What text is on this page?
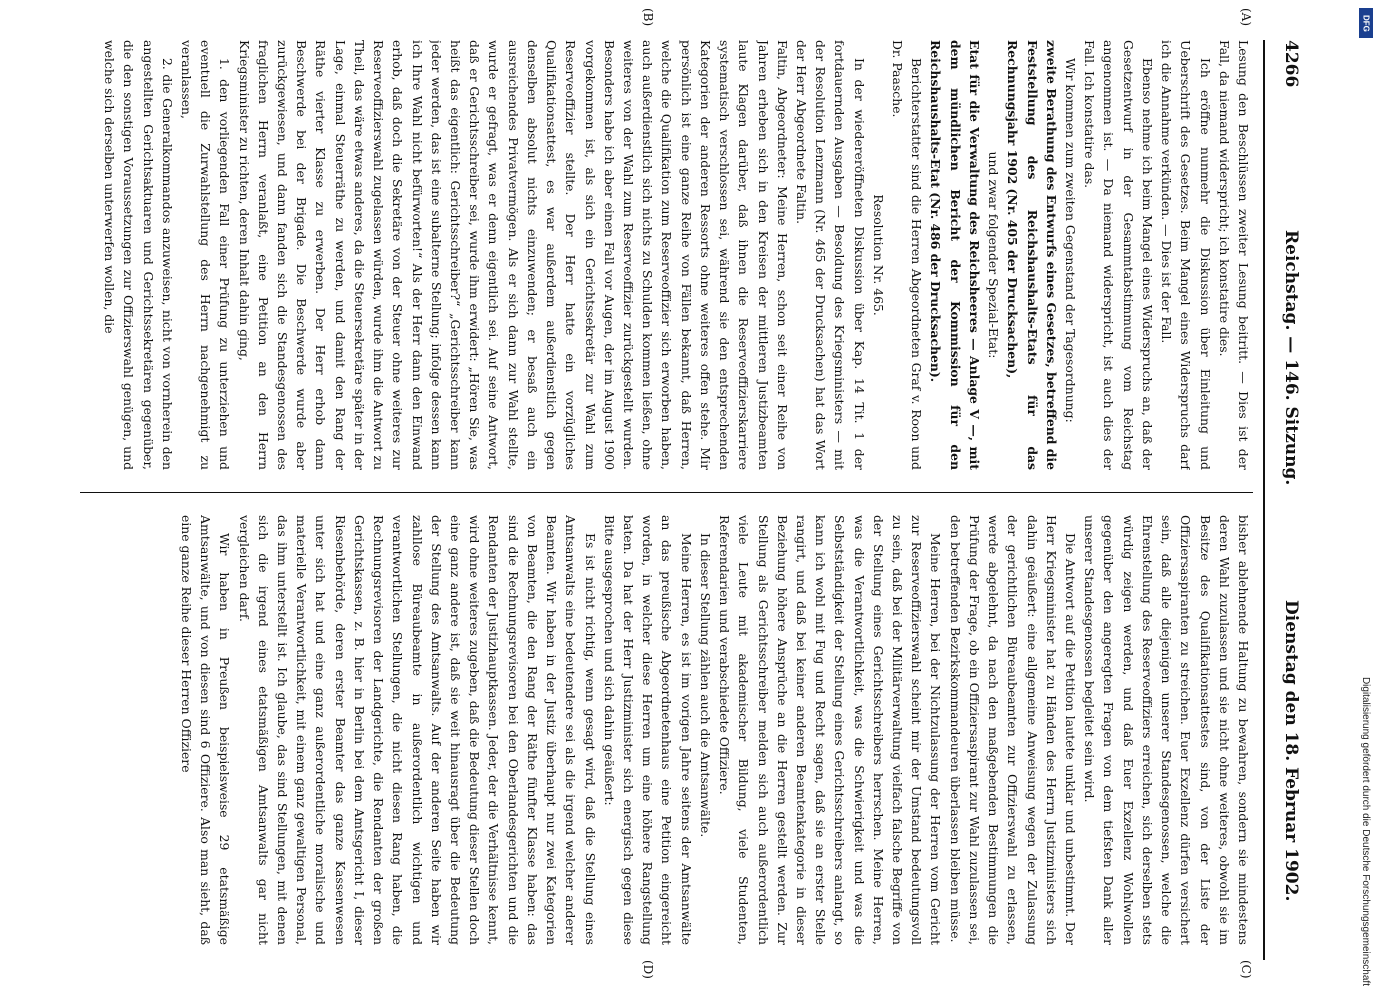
4266
Reichstag. — 146. Sitzung.
Dienstag den 18. Februar 1902.
(A)
(B)
(C)
(D)

Lesung den Beschlüssen zweiter Lesung beitritt. — Dies ist der Fall, da niemand widerspricht; ich konstatire dies.

Ich eröffne nunmehr die Diskussion über Einleitung und Ueberschrift des Gesetzes. Beim Mangel eines Widerspruchs darf ich die Annahme verkünden. — Dies ist der Fall.

Ebenso nehme ich beim Mangel eines Widerspruchs an, daß der Gesetzentwurf in der Gesammtabstimmung vom Reichstag angenommen ist. — Da niemand widerspricht, ist auch dies der Fall. Ich konstatire das.

Wir kommen zum zweiten Gegenstand der Tagesordnung:

zweite Berathung des Entwurfs eines Gesetzes, betreffend die Feststellung des Reichshaushalts-Etats für das Rechnungsjahr 1902 (Nr. 405 der Drucksachen),

und zwar folgender Spezial-Etat:

Etat für die Verwaltung des Reichsheeres — Anlage V —, mit dem mündlichen Bericht der Kommission für den Reichshaushalts-Etat (Nr. 486 der Drucksachen).

Berichterstatter sind die Herren Abgeordneten Graf v. Roon und Dr. Paasche.

Resolution Nr. 465.

In der wiedereröffneten Diskussion über Kap. 14 Tit. 1 der fortdauernden Ausgaben — Besoldung des Kriegsministers — mit der Resolution Lenzmann (Nr. 465 der Drucksachen) hat das Wort der Herr Abgeordnete Faltin.

Faltin, Abgeordneter: Meine Herren, schon seit einer Reihe von Jahren erheben sich in den Kreisen der mittleren Justizbeamten laute Klagen darüber, daß ihnen die Reserveoffizierskarriere systematisch verschlossen sei, während sie den entsprechenden Kategorien der anderen Ressorts ohne weiteres offen stehe. Mir persönlich ist eine ganze Reihe von Fällen bekannt, daß Herren, welche die Qualifikation zum Reserveoffizier sich erworben haben, auch außerdienstlich sich nichts zu Schulden kommen ließen, ohne weiteres von der Wahl zum Reserveoffizier zurückgestellt wurden. Besonders habe ich aber einen Fall vor Augen, der im August 1900 vorgekommen ist, als sich ein Gerichtssekretär zur Wahl zum Reserveoffizier stellte. Der Herr hatte ein vorzügliches Qualifikationsattest, es war außerdem außerdienstlich gegen denselben absolut nichts einzuwenden; er besaß auch ein ausreichendes Privatvermögen. Als er sich dann zur Wahl stellte, wurde er gefragt, was er denn eigentlich sei. Auf seine Antwort, daß er Gerichtsschreiber sei, wurde ihm erwidert: „Hören Sie, was heißt das eigentlich: Gerichtsschreiber?“ „Gerichtsschreiber kann jeder werden, das ist eine subalterne Stellung; infolge dessen kann ich Ihre Wahl nicht befürworten!“ Als der Herr dann den Einwand erhob, daß doch die Sekretäre von der Steuer ohne weiteres zur Reserveoffizierswahl zugelassen würden, wurde ihm die Antwort zu Theil, das wäre etwas anderes, da die Steuersekretäre später in der Lage, einmal Steuerräthe zu werden, und damit den Rang der Räthe vierter Klasse zu erwerben. Der Herr erhob dann Beschwerde bei der Brigade. Die Beschwerde wurde aber zurückgewiesen, und dann fanden sich die Standesgenossen des fraglichen Herrn veranlaßt, eine Petition an den Herrn Kriegsminister zu richten, deren Inhalt dahin ging,

1. den vorliegenden Fall einer Prüfung zu unterziehen und eventuell die Zurwahlstellung des Herrn nachgenehmigt zu veranlassen,

2. die Generalkommandos anzuweisen, nicht von vornherein den angestellten Gerichtsaktuaren und Gerichtssekretären gegenüber, die den sonstigen Voraussetzungen zur Offizierswahl genügen, und welche sich derselben unterwerfen wollen, die

bisher ablehnende Haltung zu bewahren, sondern sie mindestens deren Wahl zuzulassen und sie nicht ohne weiteres, obwohl sie im Besitze des Qualifikationsattestes sind, von der Liste der Offiziersaspiranten zu streichen. Euer Exzellenz dürfen versichert sein, daß alle diejenigen unserer Standesgenossen, welche die Ehrenstellung des Reserveoffiziers erreichen, sich derselben stets würdig zeigen werden, und daß Euer Exzellenz Wohlwollen gegenüber den angeregten Fragen von dem tiefsten Dank aller unserer Standesgenossen begleitet sein wird.

Die Antwort auf die Petition lautete unklar und unbestimmt. Der Herr Kriegsminister hat zu Händen des Herrn Justizministers sich dahin geäußert: eine allgemeine Anweisung wegen der Zulassung der gerichtlichen Büreaubeamten zur Offizierswahl zu erlassen, werde abgelehnt, da nach den maßgebenden Bestimmungen die Prüfung der Frage, ob ein Offiziersaspirant zur Wahl zuzulassen sei, den betreffenden Bezirkskommandeuren überlassen bleiben müsse.

Meine Herren, bei der Nichtzulassung der Herren vom Gericht zur Reserveoffizierswahl scheint mir der Umstand bedeutungsvoll zu sein, daß bei der Militärverwaltung vielfach falsche Begriffe von der Stellung eines Gerichtsschreibers herrschen. Meine Herren, was die Verantwortlichkeit, was die Schwierigkeit und was die Selbstständigkeit der Stellung eines Gerichtsschreibers anlangt, so kann ich wohl mit Fug und Recht sagen, daß sie an erster Stelle rangirt, und daß bei keiner anderen Beamtenkategorie in dieser Beziehung höhere Ansprüche an die Herren gestellt werden. Zur Stellung als Gerichtsschreiber melden sich auch außerordentlich viele Leute mit akademischer Bildung, viele Studenten, Referendarien und verabschiedete Offiziere.

In dieser Stellung zählen auch die Amtsanwälte.

Meine Herren, es ist im vorigen Jahre seitens der Amtsanwälte an das preußische Abgeordnetenhaus eine Petition eingereicht worden, in welcher diese Herren um eine höhere Rangstellung baten. Da hat der Herr Justizminister sich energisch gegen diese Bitte ausgesprochen und sich dahin geäußert:

Es ist nicht richtig, wenn gesagt wird, daß die Stellung eines Amtsanwalts eine bedeutendere sei als die irgend welcher anderer Beamten. Wir haben in der Justiz überhaupt nur zwei Kategorien von Beamten, die den Rang der Räthe fünfter Klasse haben: das sind die Rechnungsrevisoren bei den Oberlandesgerichten und die Rendanten der Justizhauptkassen. Jeder, der die Verhältnisse kennt, wird ohne weiteres zugeben, daß die Bedeutung dieser Stellen doch eine ganz andere ist, daß sie weit hinausragt über die Bedeutung der Stellung des Amtsanwalts. Auf der anderen Seite haben wir zahllose Büreaubeamte in außerordentlich wichtigen und verantwortlichen Stellungen, die nicht diesen Rang haben, die Rechnungsrevisoren der Landgerichte, die Rendanten der großen Gerichtskassen, z. B. hier in Berlin bei dem Amtsgericht I, dieser Riesenbehörde, deren erster Beamter das ganze Kassenwesen unter sich hat und eine ganz außerordentliche moralische und materielle Verantwortlichkeit, mit einem ganz gewaltigen Personal, das ihm unterstellt ist. Ich glaube, das sind Stellungen, mit denen sich die irgend eines etatsmäßigen Amtsanwalts gar nicht vergleichen darf.

Wir haben in Preußen beispielsweise 29 etatsmäßige Amtsanwälte, und von diesen sind 6 Offiziere. Also man sieht, daß eine ganze Reihe dieser Herren Offiziere

Digitalisierung gefördert durch die Deutsche Forschungsgemeinschaft
DFG
